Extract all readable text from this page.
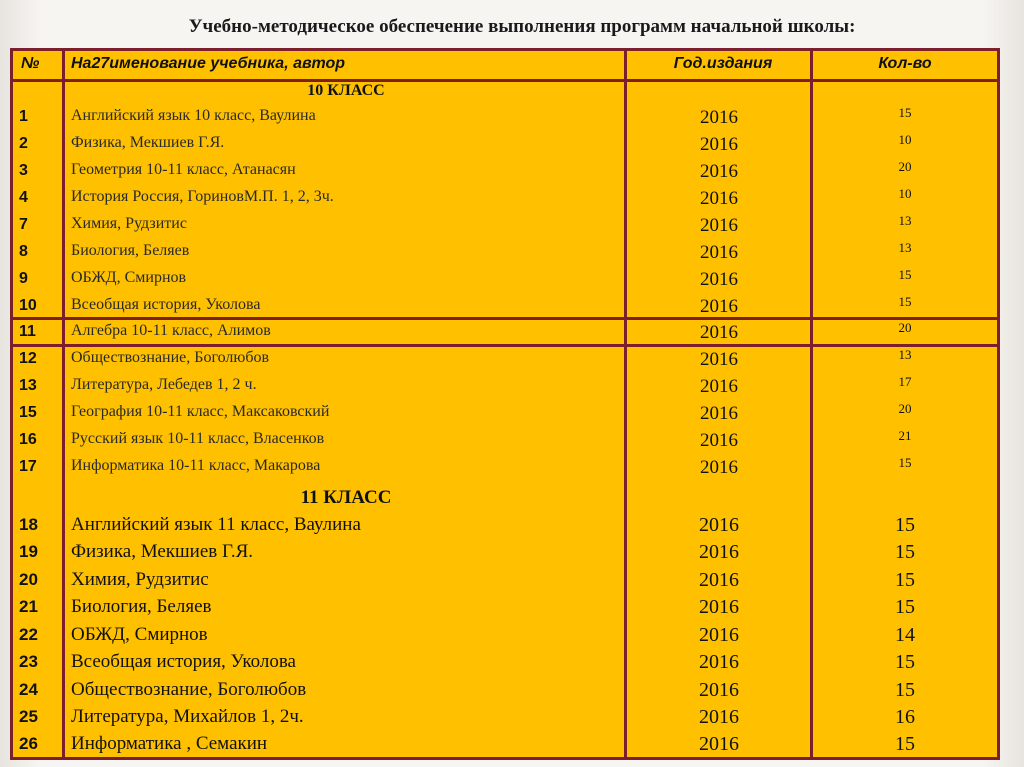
Учебно-методическое обеспечение выполнения программ начальной школы:
№ На27именование учебника, автор	Год.издания	Кол-во
10 КЛАСС
1	Английский язык 10 класс, Ваулина	2016	15
2	Физика, Мекшиев Г.Я.	2016	10
3	Геометрия 10-11 класс, Атанасян	2016	20
4	История Россия, ГориновМ.П. 1, 2, 3ч.	2016	10
7	Химия, Рудзитис	2016	13
8	Биология, Беляев	2016	13
9	ОБЖД, Смирнов	2016	15
10 Всеобщая история, Уколова	2016	15
11 Алгебра 10-11 класс, Алимов	2016	20
12 Обществознание, Боголюбов	2016	13
13 Литература, Лебедев 1, 2 ч.	2016	17
15 География 10-11 класс, Максаковский	2016	20
16 Русский язык 10-11 класс, Власенков	2016	21
17 Информатика 10-11 класс, Макарова	2016	15
11 КЛАСС
18 Английский язык 11 класс, Ваулина	2016	15
19 Физика, Мекшиев Г.Я.	2016	15
20 Химия, Рудзитис	2016	15
21 Биология, Беляев	2016	15
22 ОБЖД, Смирнов	2016	14
23 Всеобщая история, Уколова	2016	15
24 Обществознание, Боголюбов	2016	15
25 Литература, Михайлов 1, 2ч.	2016	16
26 Информатика , Семакин	2016	15
